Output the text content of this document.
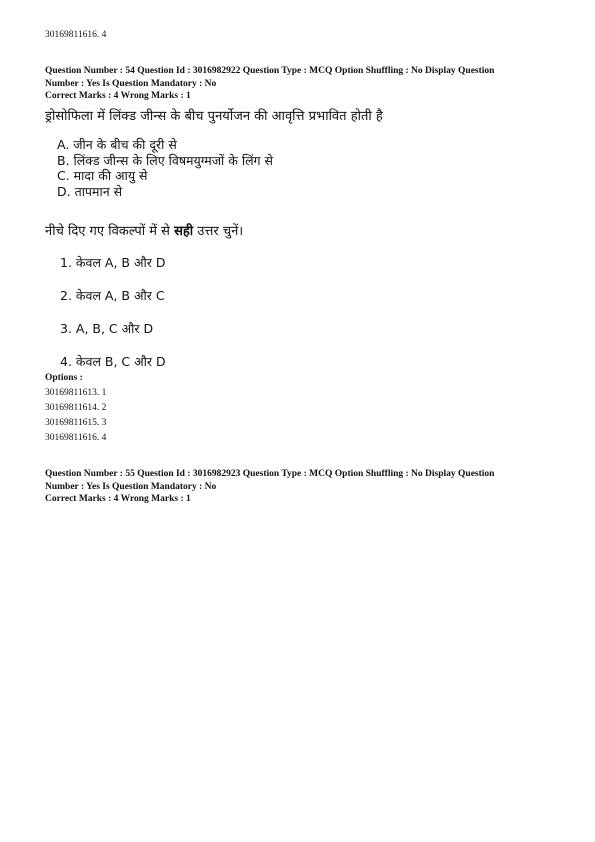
30169811616. 4
Question Number : 54 Question Id : 3016982922 Question Type : MCQ Option Shuffling : No Display Question
Number : Yes Is Question Mandatory : No
Correct Marks : 4 Wrong Marks : 1
ड्रोसोफिला में लिंक्ड जीन्स के बीच पुनर्योजन की आवृत्ति प्रभावित होती है
A. जीन के बीच की दूरी से
B. लिंक्ड जीन्स के लिए विषमयुग्मजों के लिंग से
C. मादा की आयु से
D. तापमान से
नीचे दिए गए विकल्पों में से सही उत्तर चुनें।
1. केवल A, B और D
2. केवल A, B और C
3. A, B, C और D
4. केवल B, C और D
Options :
30169811613. 1
30169811614. 2
30169811615. 3
30169811616. 4
Question Number : 55 Question Id : 3016982923 Question Type : MCQ Option Shuffling : No Display Question
Number : Yes Is Question Mandatory : No
Correct Marks : 4 Wrong Marks : 1
